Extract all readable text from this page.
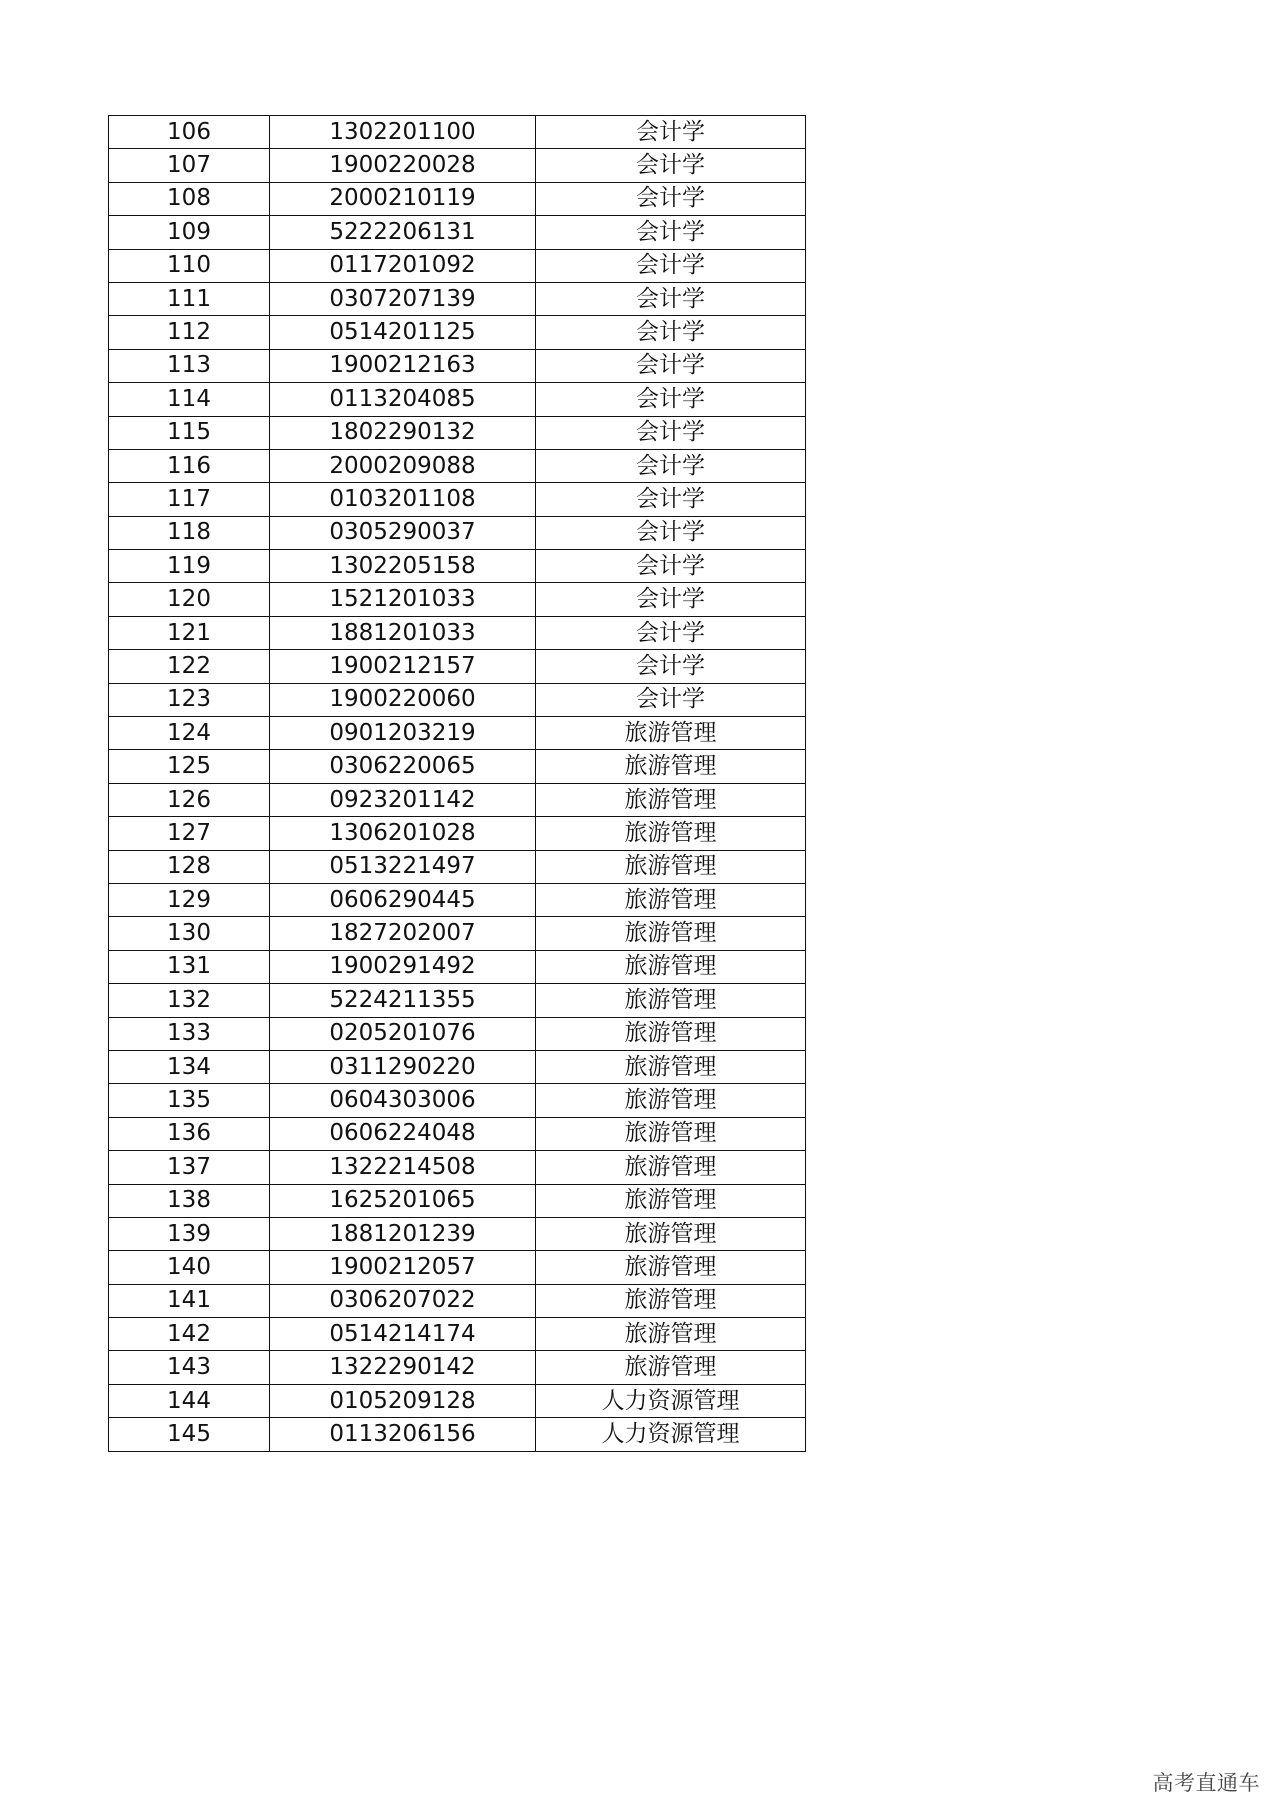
106	1302201100	会计学
107	1900220028	会计学
108	2000210119	会计学
109	5222206131	会计学
110	0117201092	会计学
111	0307207139	会计学
112	0514201125	会计学
113	1900212163	会计学
114	0113204085	会计学
115	1802290132	会计学
116	2000209088	会计学
117	0103201108	会计学
118	0305290037	会计学
119	1302205158	会计学
120	1521201033	会计学
121	1881201033	会计学
122	1900212157	会计学
123	1900220060	会计学
124	0901203219	旅游管理
125	0306220065	旅游管理
126	0923201142	旅游管理
127	1306201028	旅游管理
128	0513221497	旅游管理
129	0606290445	旅游管理
130	1827202007	旅游管理
131	1900291492	旅游管理
132	5224211355	旅游管理
133	0205201076	旅游管理
134	0311290220	旅游管理
135	0604303006	旅游管理
136	0606224048	旅游管理
137	1322214508	旅游管理
138	1625201065	旅游管理
139	1881201239	旅游管理
140	1900212057	旅游管理
141	0306207022	旅游管理
142	0514214174	旅游管理
143	1322290142	旅游管理
144	0105209128	人力资源管理
145	0113206156	人力资源管理
高考直通车
